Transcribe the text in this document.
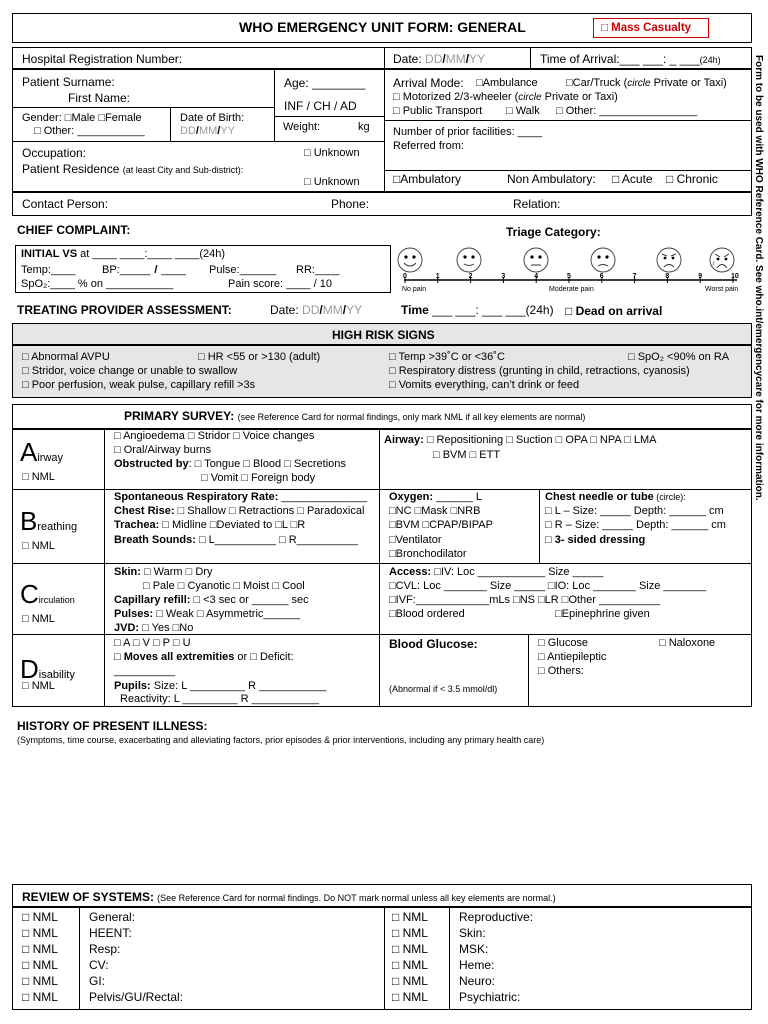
WHO EMERGENCY UNIT FORM: GENERAL	□ Mass Casualty
Form to be used with WHO Reference Card. See who.int/emergencycare for more information.
Hospital Registration Number:	Date: DD/MM/YY	Time of Arrival:___ ___: _ ___(24h)
Patient Surname:
First Name:
Age: ________
INF / CH / AD
Gender: □Male □Female
□ Other: ___________
Date of Birth:
DD/MM/YY	Weight:	kg
Arrival Mode: □Ambulance	□Car/Truck (circle Private or Taxi)
□ Motorized 2/3-wheeler (circle Private or Taxi)
□ Public Transport □ Walk □ Other: ________________
Number of prior facilities: ____
Referred from:
Occupation:	□ Unknown
Patient Residence (at least City and Sub-district):
□ Unknown	□Ambulatory	Non Ambulatory: □ Acute □ Chronic
Contact Person:	Phone:	Relation:
CHIEF COMPLAINT:	Triage Category:
INITIAL VS at ____ ____:____ ____(24h)
Temp:____ BP:_____ / ____ Pulse:______ RR:____
SpO₂:____ % on ___________	Pain score: ____ / 10	No pain	Moderate pain	Worst pain
0	1	2	3	4	5	6	7	8	9	10
TREATING PROVIDER ASSESSMENT:	Date: DD/MM/YY	Time ___ ___: ___ ___(24h) □ Dead on arrival
HIGH RISK SIGNS
□ Abnormal AVPU	□ HR <55 or >130 (adult)	□ Temp >39˚C or <36˚C	□ SpO₂ <90% on RA
□ Stridor, voice change or unable to swallow	□ Respiratory distress (grunting in child, retractions, cyanosis)
□ Poor perfusion, weak pulse, capillary refill >3s	□ Vomits everything, can’t drink or feed
PRIMARY SURVEY: (see Reference Card for normal findings, only mark NML if all key elements are normal)
Airway
□ NML
□ Angioedema □ Stridor □ Voice changes
□ Oral/Airway burns
Obstructed by: □ Tongue □ Blood □ Secretions
□ Vomit □ Foreign body
Airway: □ Repositioning □ Suction □ OPA □ NPA □ LMA
□ BVM □ ETT
Breathing
□ NML
Spontaneous Respiratory Rate: ______________
Chest Rise: □ Shallow □ Retractions □ Paradoxical
Trachea: □ Midline □Deviated to □L □R
Breath Sounds: □ L__________ □ R__________
Oxygen: ______ L
□NC □Mask □NRB
□BVM □CPAP/BIPAP
□Ventilator
□Bronchodilator
Chest needle or tube (circle):
□ L – Size: _____ Depth: ______ cm
□ R – Size: _____ Depth: ______ cm
□ 3- sided dressing
Circulation
□ NML
Skin: □ Warm □ Dry
□ Pale □ Cyanotic □ Moist □ Cool
Capillary refill: □ <3 sec or ______ sec
Pulses: □ Weak □ Asymmetric______
JVD: □ Yes □No
Access: □IV: Loc ___________ Size _____
□CVL: Loc _______ Size _____ □IO: Loc _______ Size _______
□IVF:____________mLs □NS □LR □Other __________
□Blood ordered	□Epinephrine given
Disability
□ NML
□ A □ V □ P □ U
□ Moves all extremities or □ Deficit:
__________
Pupils: Size: L _________ R ___________
Reactivity: L _________ R ___________
Blood Glucose:
(Abnormal if < 3.5 mmol/dl)
□ Glucose	□ Naloxone
□ Antiepileptic
□ Others:
HISTORY OF PRESENT ILLNESS:
(Symptoms, time course, exacerbating and alleviating factors, prior episodes & prior interventions, including any primary health care)
REVIEW OF SYSTEMS: (See Reference Card for normal findings. Do NOT mark normal unless all key elements are normal.)
□ NML	General:
□ NML	HEENT:
□ NML	Resp:
□ NML	CV:
□ NML	GI:
□ NML	Pelvis/GU/Rectal:
□ NML	Reproductive:
□ NML	Skin:
□ NML	MSK:
□ NML	Heme:
□ NML	Neuro:
□ NML	Psychiatric:
